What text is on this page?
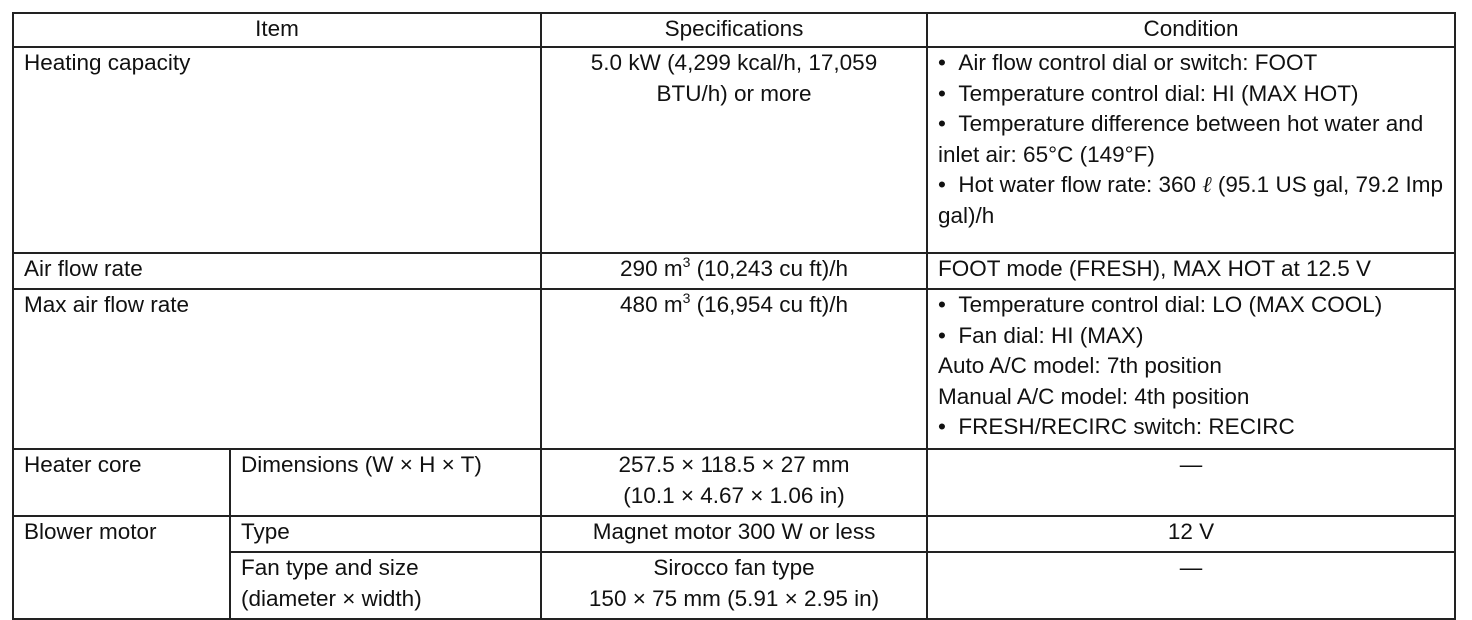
Item		Specifications	Condition
Heating capacity		5.0 kW (4,299 kcal/h, 17,059 BTU/h) or more	•  Air flow control dial or switch: FOOT
•  Temperature control dial: HI (MAX HOT)
•  Temperature difference between hot water and inlet air: 65°C (149°F)
•  Hot water flow rate: 360 ℓ (95.1 US gal, 79.2 Imp gal)/h

Air flow rate		290 $m^3$ (10,243 cu ft)/h	FOOT mode (FRESH), MAX HOT at 12.5 V
Max air flow rate		480 $m^3$ (16,954 cu ft)/h	•  Temperature control dial: LO (MAX COOL)
•  Fan dial: HI (MAX)
Auto A/C model: 7th position
Manual A/C model: 4th position
•  FRESH/RECIRC switch: RECIRC

Heater core	Dimensions (W × H × T)	257.5 × 118.5 × 27 mm
(10.1 × 4.67 × 1.06 in)	—
Blower motor	Type	Magnet motor 300 W or less	12 V

	Fan type and size
(diameter × width)	Sirocco fan type
150 × 75 mm (5.91 × 2.95 in)	—
